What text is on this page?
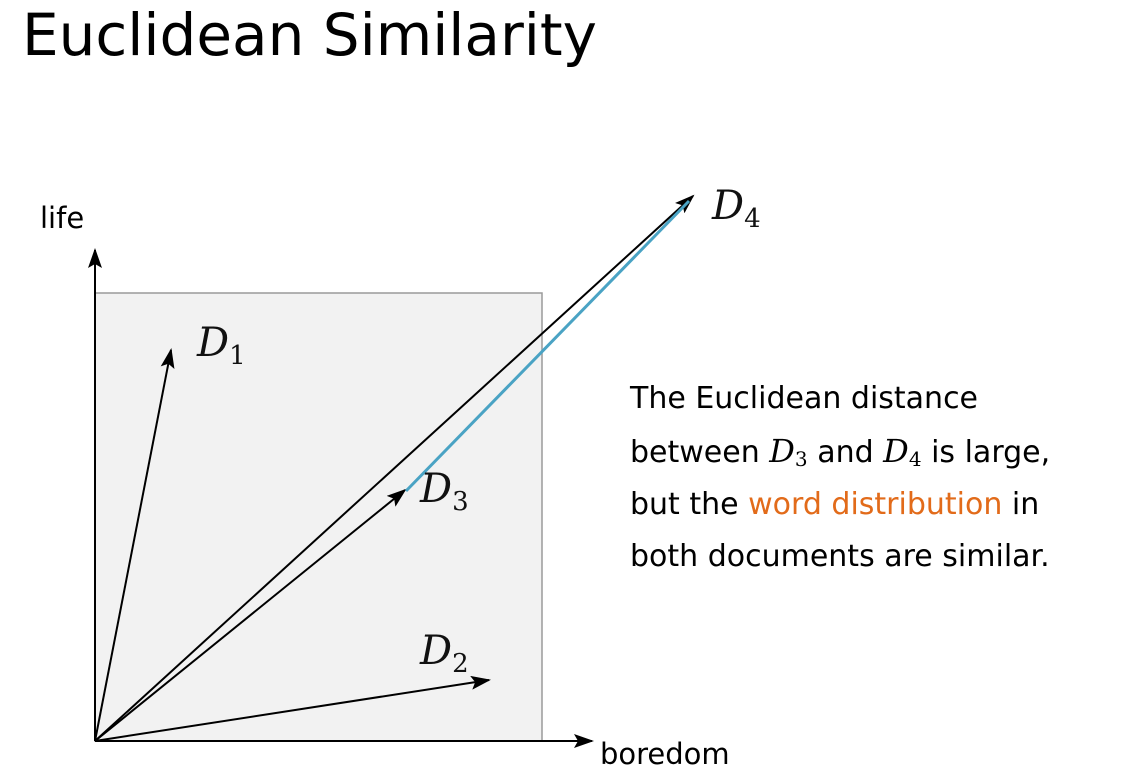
Euclidean Similarity
life
boredom
$D_1$
$D_2$
$D_3$
$D_4$
The Euclidean distance
between $D_3$ and $D_4$ is large,
but the word distribution in
both documents are similar.
